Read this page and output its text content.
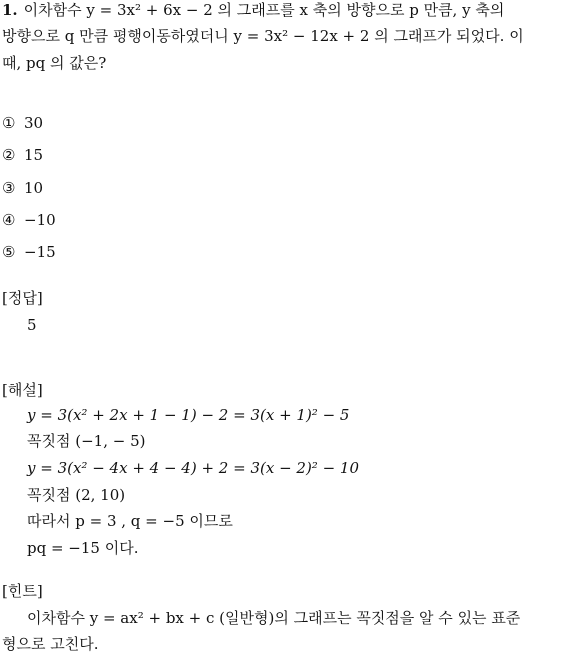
1. 이차함수 y = 3x² + 6x − 2 의 그래프를 x 축의 방향으로 p 만큼, y 축의
방향으로 q 만큼 평행이동하였더니 y = 3x² − 12x + 2 의 그래프가 되었다. 이
때, pq 의 값은?
① 30
② 15
③ 10
④ −10
⑤ −15
[정답]
5
[해설]
y = 3(x² + 2x + 1 − 1) − 2 = 3(x + 1)² − 5
꼭짓점 (−1, − 5)
y = 3(x² − 4x + 4 − 4) + 2 = 3(x − 2)² − 10
꼭짓점 (2, 10)
따라서 p = 3 , q = −5 이므로
pq = −15 이다.
[힌트]
이차함수 y = ax² + bx + c (일반형)의 그래프는 꼭짓점을 알 수 있는 표준
형으로 고친다.
